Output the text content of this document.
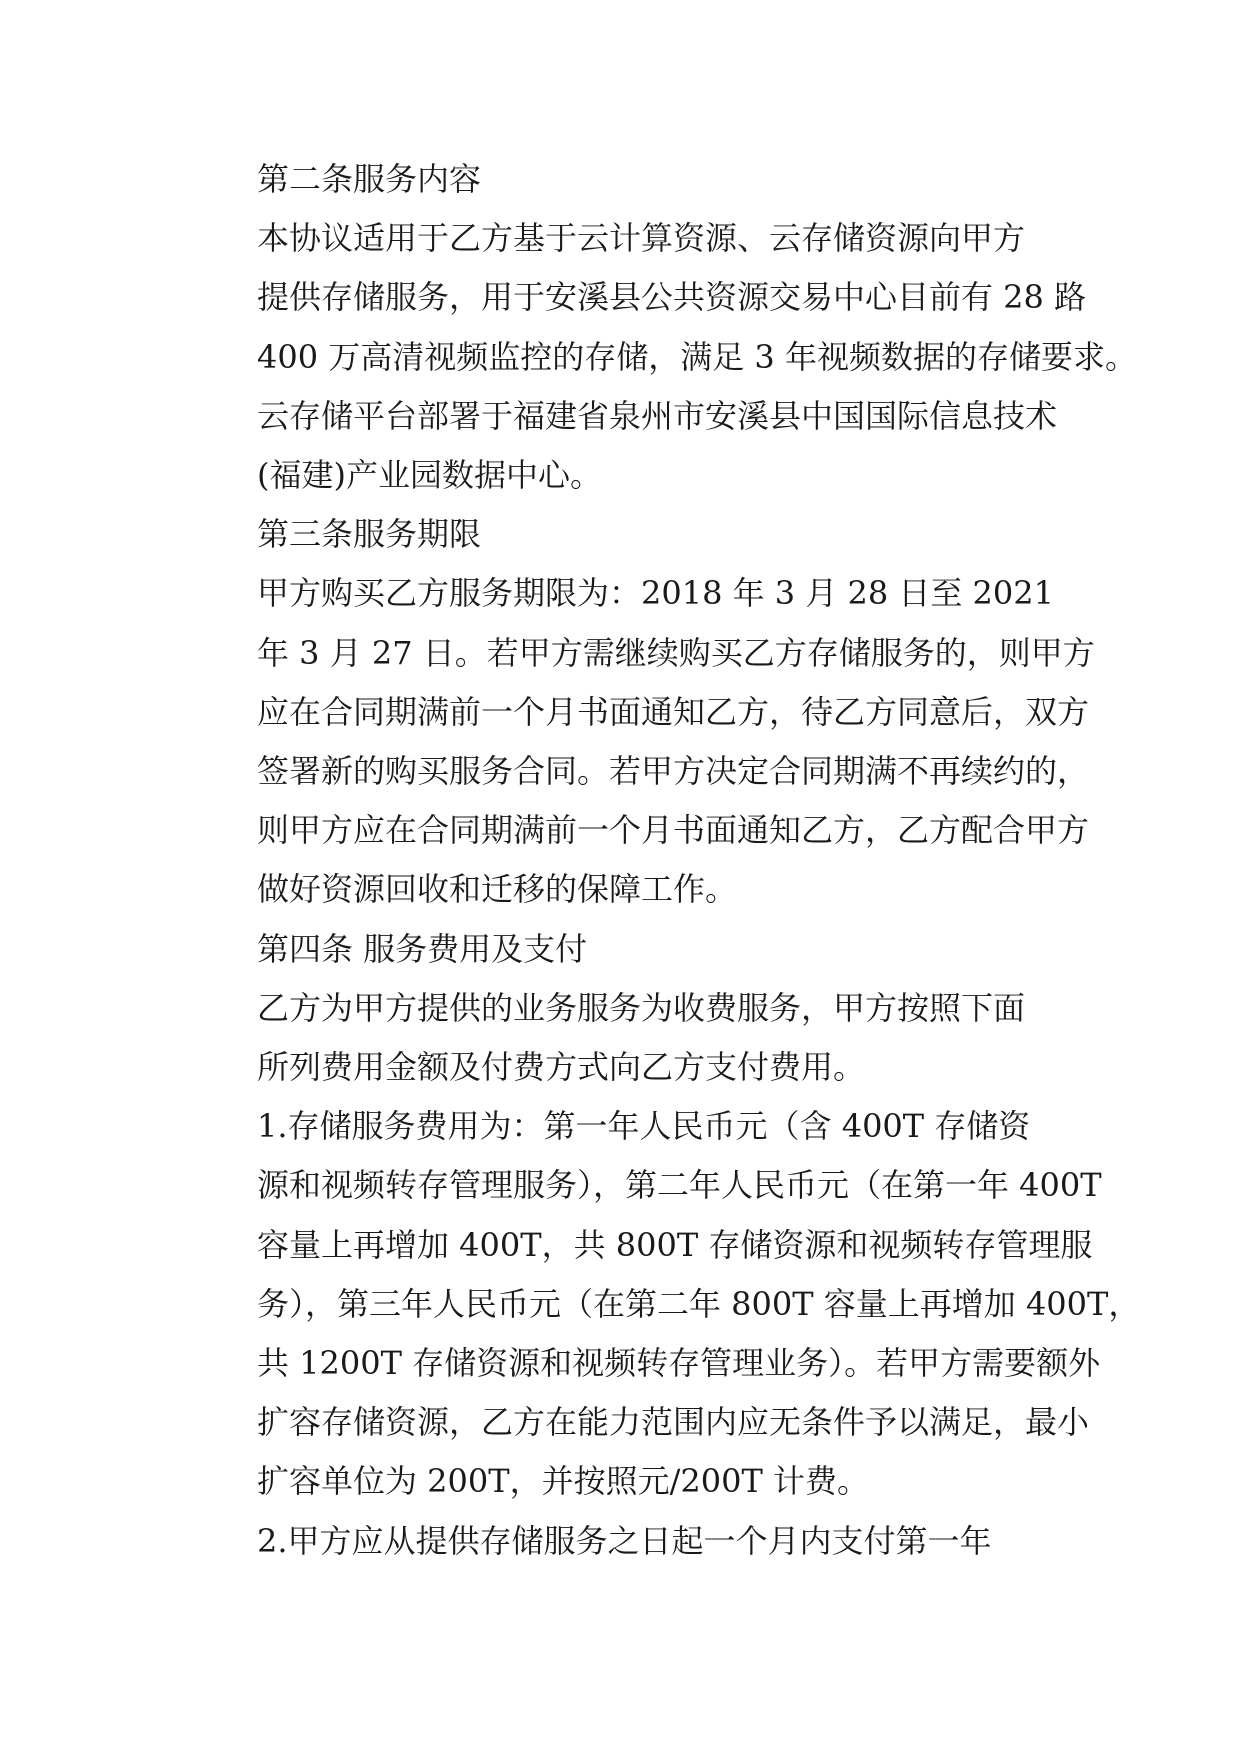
第二条服务内容

本协议适用于乙方基于云计算资源、云存储资源向甲方
提供存储服务，用于安溪县公共资源交易中心目前有 28 路
400 万高清视频监控的存储，满足 3 年视频数据的存储要求。
云存储平台部署于福建省泉州市安溪县中国国际信息技术
(福建)产业园数据中心。

第三条服务期限

甲方购买乙方服务期限为：2018 年 3 月 28 日至 2021
年 3 月 27 日。若甲方需继续购买乙方存储服务的，则甲方
应在合同期满前一个月书面通知乙方，待乙方同意后，双方
签署新的购买服务合同。若甲方决定合同期满不再续约的，
则甲方应在合同期满前一个月书面通知乙方，乙方配合甲方
做好资源回收和迁移的保障工作。

第四条 服务费用及支付

乙方为甲方提供的业务服务为收费服务，甲方按照下面
所列费用金额及付费方式向乙方支付费用。

1.存储服务费用为：第一年人民币元（含 400T 存储资
源和视频转存管理服务），第二年人民币元（在第一年 400T
容量上再增加 400T，共 800T 存储资源和视频转存管理服
务），第三年人民币元（在第二年 800T 容量上再增加 400T，
共 1200T 存储资源和视频转存管理业务）。若甲方需要额外
扩容存储资源，乙方在能力范围内应无条件予以满足，最小
扩容单位为 200T，并按照元/200T 计费。

2.甲方应从提供存储服务之日起一个月内支付第一年
